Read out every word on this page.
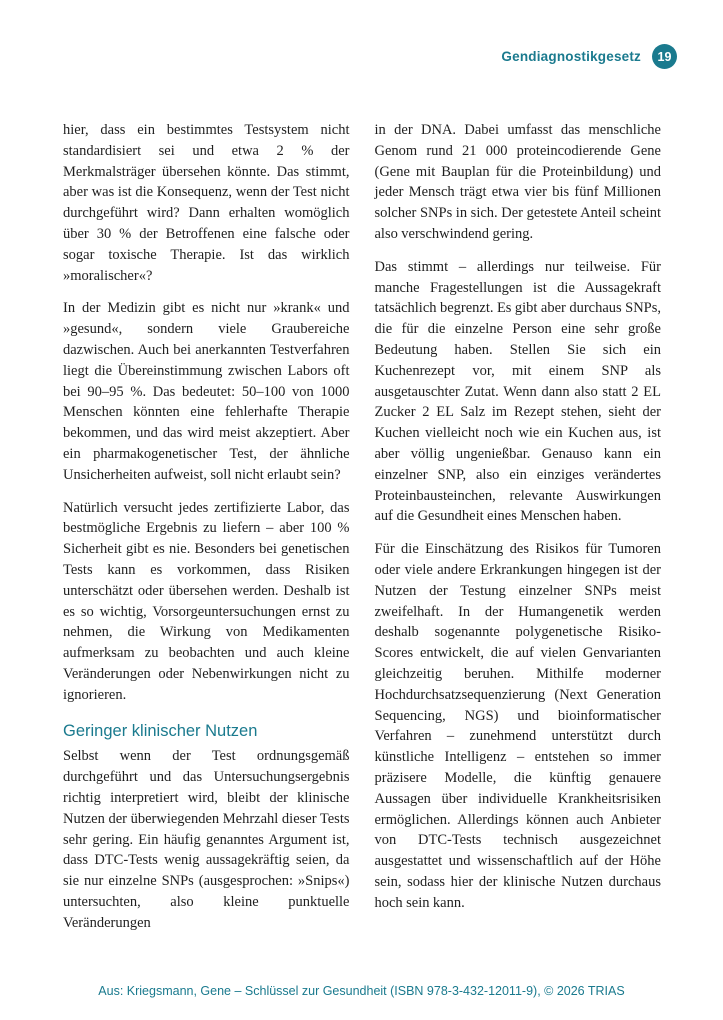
Gendiagnostikgesetz	19

hier, dass ein bestimmtes Testsystem nicht standardisiert sei und etwa 2 % der Merkmalsträger übersehen könnte. Das stimmt, aber was ist die Konsequenz, wenn der Test nicht durchgeführt wird? Dann erhalten womöglich über 30 % der Betroffenen eine falsche oder sogar toxische Therapie. Ist das wirklich »moralischer«?

In der Medizin gibt es nicht nur »krank« und »gesund«, sondern viele Graubereiche dazwischen. Auch bei anerkannten Testverfahren liegt die Übereinstimmung zwischen Labors oft bei 90–95 %. Das bedeutet: 50–100 von 1000 Menschen könnten eine fehlerhafte Therapie bekommen, und das wird meist akzeptiert. Aber ein pharmakogenetischer Test, der ähnliche Unsicherheiten aufweist, soll nicht erlaubt sein?

Natürlich versucht jedes zertifizierte Labor, das bestmögliche Ergebnis zu liefern – aber 100 % Sicherheit gibt es nie. Besonders bei genetischen Tests kann es vorkommen, dass Risiken unterschätzt oder übersehen werden. Deshalb ist es so wichtig, Vorsorgeuntersuchungen ernst zu nehmen, die Wirkung von Medikamenten aufmerksam zu beobachten und auch kleine Veränderungen oder Nebenwirkungen nicht zu ignorieren.

Geringer klinischer Nutzen

Selbst wenn der Test ordnungsgemäß durchgeführt und das Untersuchungsergebnis richtig interpretiert wird, bleibt der klinische Nutzen der überwiegenden Mehrzahl dieser Tests sehr gering. Ein häufig genanntes Argument ist, dass DTC-Tests wenig aussagekräftig seien, da sie nur einzelne SNPs (ausgesprochen: »Snips«) untersuchten, also kleine punktuelle Veränderungen

in der DNA. Dabei umfasst das menschliche Genom rund 21 000 proteincodierende Gene (Gene mit Bauplan für die Proteinbildung) und jeder Mensch trägt etwa vier bis fünf Millionen solcher SNPs in sich. Der getestete Anteil scheint also verschwindend gering.

Das stimmt – allerdings nur teilweise. Für manche Fragestellungen ist die Aussagekraft tatsächlich begrenzt. Es gibt aber durchaus SNPs, die für die einzelne Person eine sehr große Bedeutung haben. Stellen Sie sich ein Kuchenrezept vor, mit einem SNP als ausgetauschter Zutat. Wenn dann also statt 2 EL Zucker 2 EL Salz im Rezept stehen, sieht der Kuchen vielleicht noch wie ein Kuchen aus, ist aber völlig ungenießbar. Genauso kann ein einzelner SNP, also ein einziges verändertes Proteinbausteinchen, relevante Auswirkungen auf die Gesundheit eines Menschen haben.

Für die Einschätzung des Risikos für Tumoren oder viele andere Erkrankungen hingegen ist der Nutzen der Testung einzelner SNPs meist zweifelhaft. In der Humangenetik werden deshalb sogenannte polygenetische Risiko-Scores entwickelt, die auf vielen Genvarianten gleichzeitig beruhen. Mithilfe moderner Hochdurchsatzsequenzierung (Next Generation Sequencing, NGS) und bioinformatischer Verfahren – zunehmend unterstützt durch künstliche Intelligenz – entstehen so immer präzisere Modelle, die künftig genauere Aussagen über individuelle Krankheitsrisiken ermöglichen. Allerdings können auch Anbieter von DTC-Tests technisch ausgezeichnet ausgestattet und wissenschaftlich auf der Höhe sein, sodass hier der klinische Nutzen durchaus hoch sein kann.

Aus: Kriegsmann, Gene – Schlüssel zur Gesundheit (ISBN 978-3-432-12011-9), © 2026 TRIAS
